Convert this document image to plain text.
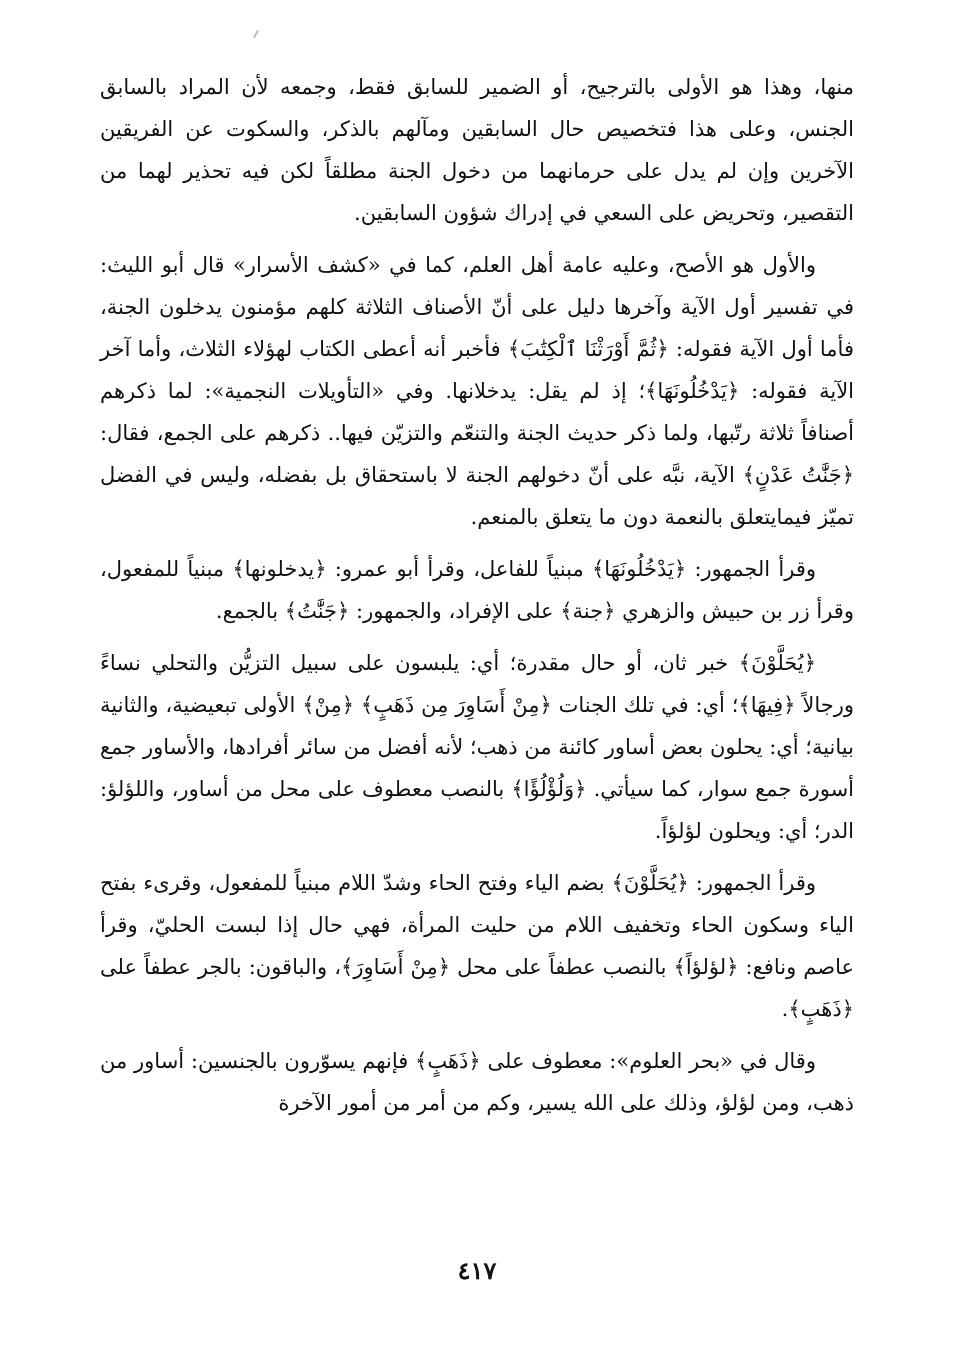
منها، وهذا هو الأولى بالترجيح، أو الضمير للسابق فقط، وجمعه لأن المراد بالسابق الجنس، وعلى هذا فتخصيص حال السابقين ومآلهم بالذكر، والسكوت عن الفريقين الآخرين وإن لم يدل على حرمانهما من دخول الجنة مطلقاً لكن فيه تحذير لهما من التقصير، وتحريض على السعي في إدراك شؤون السابقين.

والأول هو الأصح، وعليه عامة أهل العلم، كما في «كشف الأسرار» قال أبو الليث: في تفسير أول الآية وآخرها دليل على أنّ الأصناف الثلاثة كلهم مؤمنون يدخلون الجنة، فأما أول الآية فقوله: ﴿ثُمَّ أَوْرَثْنَا ٱلْكِتَٰبَ﴾ فأخبر أنه أعطى الكتاب لهؤلاء الثلاث، وأما آخر الآية فقوله: ﴿يَدْخُلُونَهَا﴾؛ إذ لم يقل: يدخلانها. وفي «التأويلات النجمية»: لما ذكرهم أصنافاً ثلاثة رتّبها، ولما ذكر حديث الجنة والتنعّم والتزيّن فيها.. ذكرهم على الجمع، فقال: ﴿جَنَّٰتُ عَدْنٍ﴾ الآية، نبَّه على أنّ دخولهم الجنة لا باستحقاق بل بفضله، وليس في الفضل تميّز فيمايتعلق بالنعمة دون ما يتعلق بالمنعم.

وقرأ الجمهور: ﴿يَدْخُلُونَهَا﴾ مبنياً للفاعل، وقرأ أبو عمرو: ﴿يدخلونها﴾ مبنياً للمفعول، وقرأ زر بن حبيش والزهري ﴿جنة﴾ على الإفراد، والجمهور: ﴿جَنَّٰتُ﴾ بالجمع.

﴿يُحَلَّوْنَ﴾ خبر ثان، أو حال مقدرة؛ أي: يلبسون على سبيل التزيُّن والتحلي نساءً ورجالاً ﴿فِيهَا﴾؛ أي: في تلك الجنات ﴿مِنْ أَسَاوِرَ مِن ذَهَبٍ﴾ ﴿مِنْ﴾ الأولى تبعيضية، والثانية بيانية؛ أي: يحلون بعض أساور كائنة من ذهب؛ لأنه أفضل من سائر أفرادها، والأساور جمع أسورة جمع سوار، كما سيأتي. ﴿وَلُؤْلُؤًا﴾ بالنصب معطوف على محل من أساور، واللؤلؤ: الدر؛ أي: ويحلون لؤلؤاً.

وقرأ الجمهور: ﴿يُحَلَّوْنَ﴾ بضم الياء وفتح الحاء وشدّ اللام مبنياً للمفعول، وقرىء بفتح الياء وسكون الحاء وتخفيف اللام من حليت المرأة، فهي حال إذا لبست الحليّ، وقرأ عاصم ونافع: ﴿لؤلؤاً﴾ بالنصب عطفاً على محل ﴿مِنْ أَسَاوِرَ﴾، والباقون: بالجر عطفاً على ﴿ذَهَبٍ﴾.

وقال في «بحر العلوم»: معطوف على ﴿ذَهَبٍ﴾ فإنهم يسوّرون بالجنسين: أساور من ذهب، ومن لؤلؤ، وذلك على الله يسير، وكم من أمر من أمور الآخرة

٤١٧
